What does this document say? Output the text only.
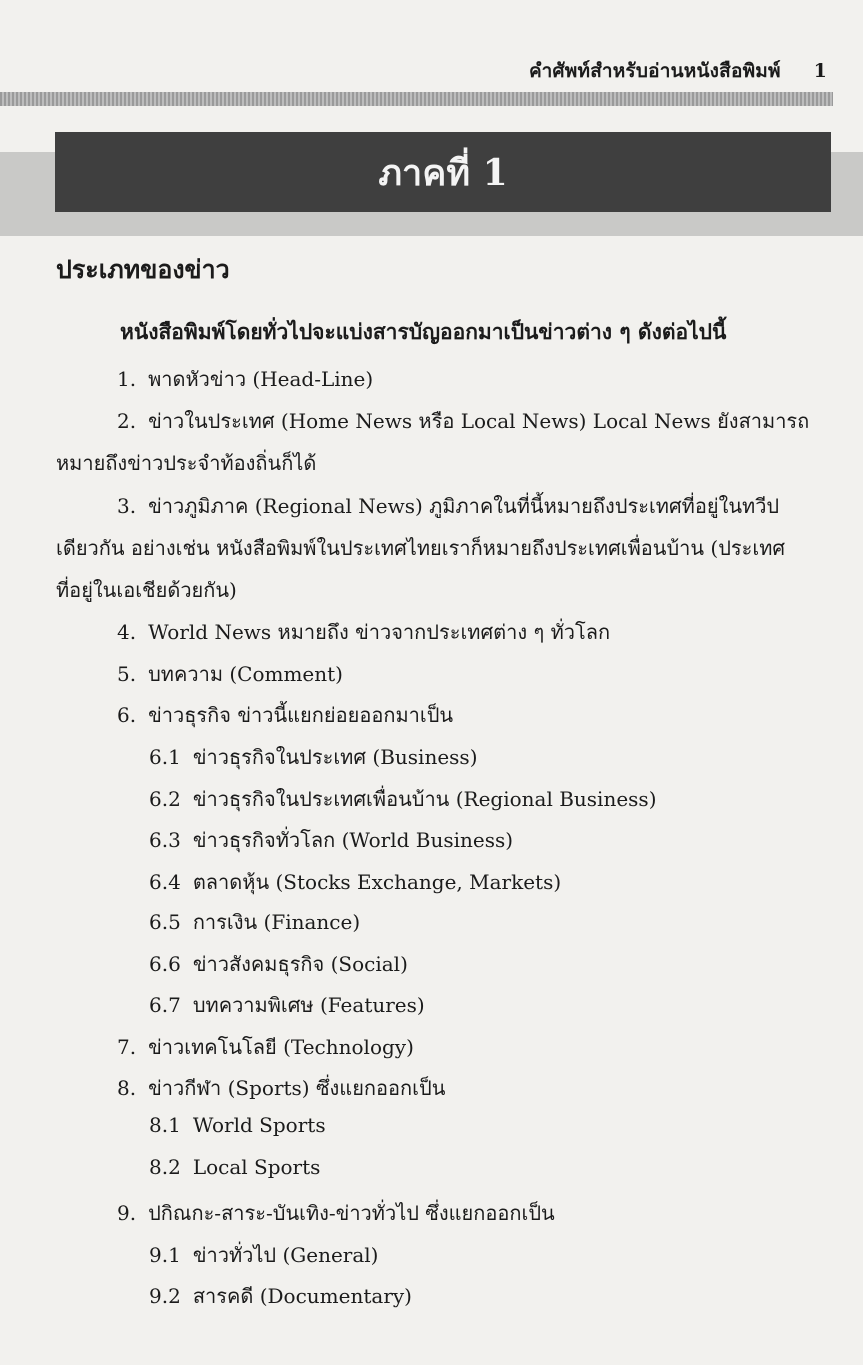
คำศัพท์สำหรับอ่านหนังสือพิมพ์ 1
ภาคที่ 1
ประเภทของข่าว
หนังสือพิมพ์โดยทั่วไปจะแบ่งสารบัญออกมาเป็นข่าวต่าง ๆ ดังต่อไปนี้
1. พาดหัวข่าว (Head-Line)
2. ข่าวในประเทศ (Home News หรือ Local News) Local News ยังสามารถ
หมายถึงข่าวประจำท้องถิ่นก็ได้
3. ข่าวภูมิภาค (Regional News) ภูมิภาคในที่นี้หมายถึงประเทศที่อยู่ในทวีป
เดียวกัน อย่างเช่น หนังสือพิมพ์ในประเทศไทยเราก็หมายถึงประเทศเพื่อนบ้าน (ประเทศ
ที่อยู่ในเอเชียด้วยกัน)
4. World News หมายถึง ข่าวจากประเทศต่าง ๆ ทั่วโลก
5. บทความ (Comment)
6. ข่าวธุรกิจ ข่าวนี้แยกย่อยออกมาเป็น
6.1 ข่าวธุรกิจในประเทศ (Business)
6.2 ข่าวธุรกิจในประเทศเพื่อนบ้าน (Regional Business)
6.3 ข่าวธุรกิจทั่วโลก (World Business)
6.4 ตลาดหุ้น (Stocks Exchange, Markets)
6.5 การเงิน (Finance)
6.6 ข่าวสังคมธุรกิจ (Social)
6.7 บทความพิเศษ (Features)
7. ข่าวเทคโนโลยี (Technology)
8. ข่าวกีฬา (Sports) ซึ่งแยกออกเป็น
8.1 World Sports
8.2 Local Sports
9. ปกิณกะ-สาระ-บันเทิง-ข่าวทั่วไป ซึ่งแยกออกเป็น
9.1 ข่าวทั่วไป (General)
9.2 สารคดี (Documentary)
